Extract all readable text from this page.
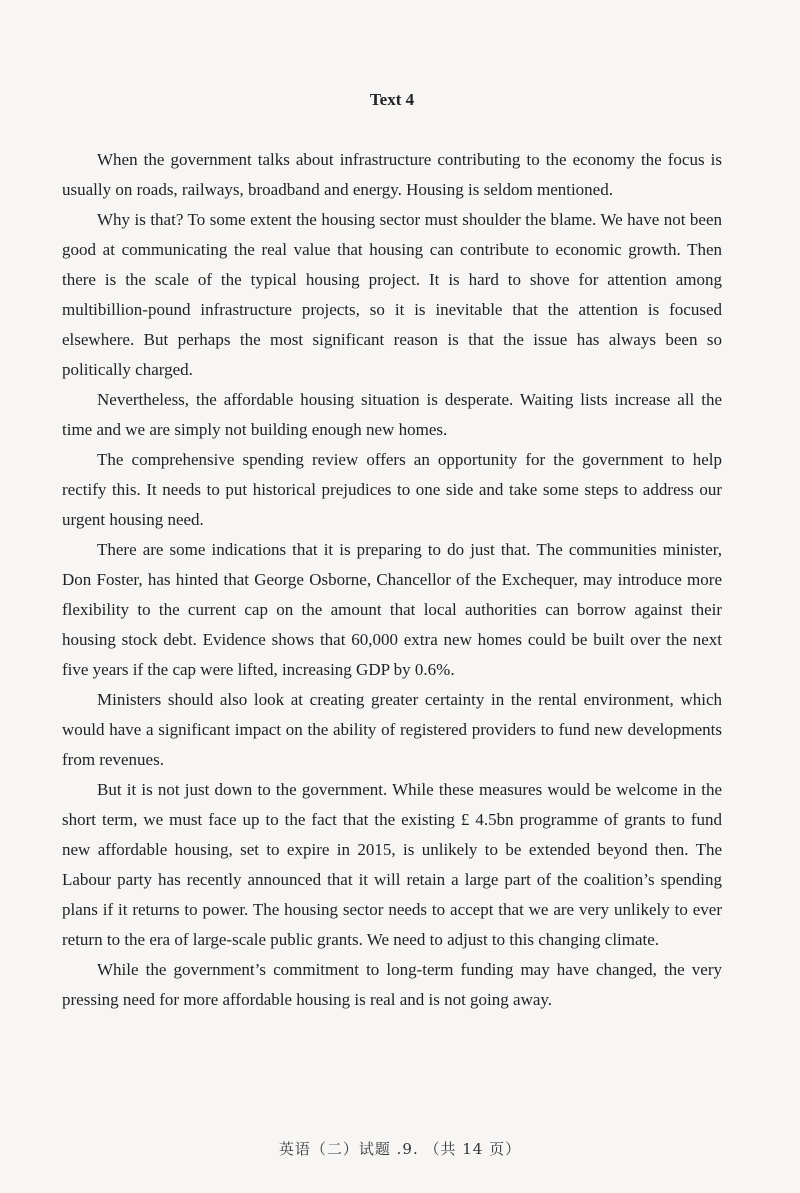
Text 4

When the government talks about infrastructure contributing to the economy the focus is usually on roads, railways, broadband and energy. Housing is seldom mentioned.

Why is that? To some extent the housing sector must shoulder the blame. We have not been good at communicating the real value that housing can contribute to economic growth. Then there is the scale of the typical housing project. It is hard to shove for attention among multibillion-pound infrastructure projects, so it is inevitable that the attention is focused elsewhere. But perhaps the most significant reason is that the issue has always been so politically charged.

Nevertheless, the affordable housing situation is desperate. Waiting lists increase all the time and we are simply not building enough new homes.

The comprehensive spending review offers an opportunity for the government to help rectify this. It needs to put historical prejudices to one side and take some steps to address our urgent housing need.

There are some indications that it is preparing to do just that. The communities minister, Don Foster, has hinted that George Osborne, Chancellor of the Exchequer, may introduce more flexibility to the current cap on the amount that local authorities can borrow against their housing stock debt. Evidence shows that 60,000 extra new homes could be built over the next five years if the cap were lifted, increasing GDP by 0.6%.

Ministers should also look at creating greater certainty in the rental environment, which would have a significant impact on the ability of registered providers to fund new developments from revenues.

But it is not just down to the government. While these measures would be welcome in the short term, we must face up to the fact that the existing £ 4.5bn programme of grants to fund new affordable housing, set to expire in 2015, is unlikely to be extended beyond then. The Labour party has recently announced that it will retain a large part of the coalition’s spending plans if it returns to power. The housing sector needs to accept that we are very unlikely to ever return to the era of large-scale public grants. We need to adjust to this changing climate.

While the government’s commitment to long-term funding may have changed, the very pressing need for more affordable housing is real and is not going away.

英语（二）试题 .9. （共 14 页）
